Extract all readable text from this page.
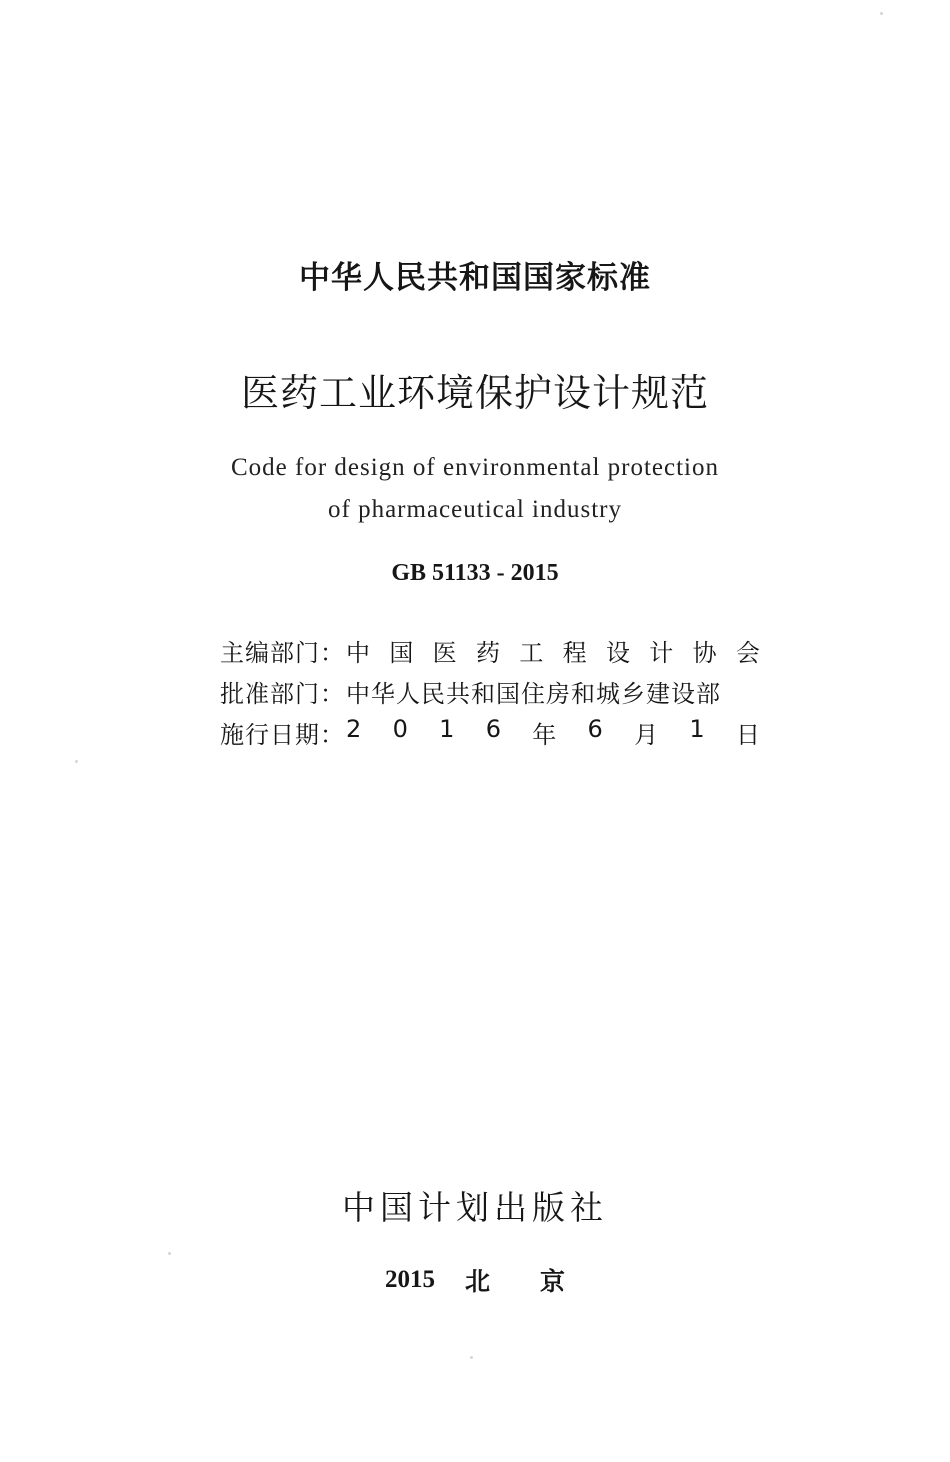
中华人民共和国国家标准
医药工业环境保护设计规范
Code for design of environmental protection
of pharmaceutical industry
GB 51133 - 2015
主编部门： 中 国 医 药 工 程 设 计 协 会
批准部门： 中华人民共和国住房和城乡建设部
施行日期： 2 0 1 6 年 6 月 1 日
中国计划出版社
2015 北京
